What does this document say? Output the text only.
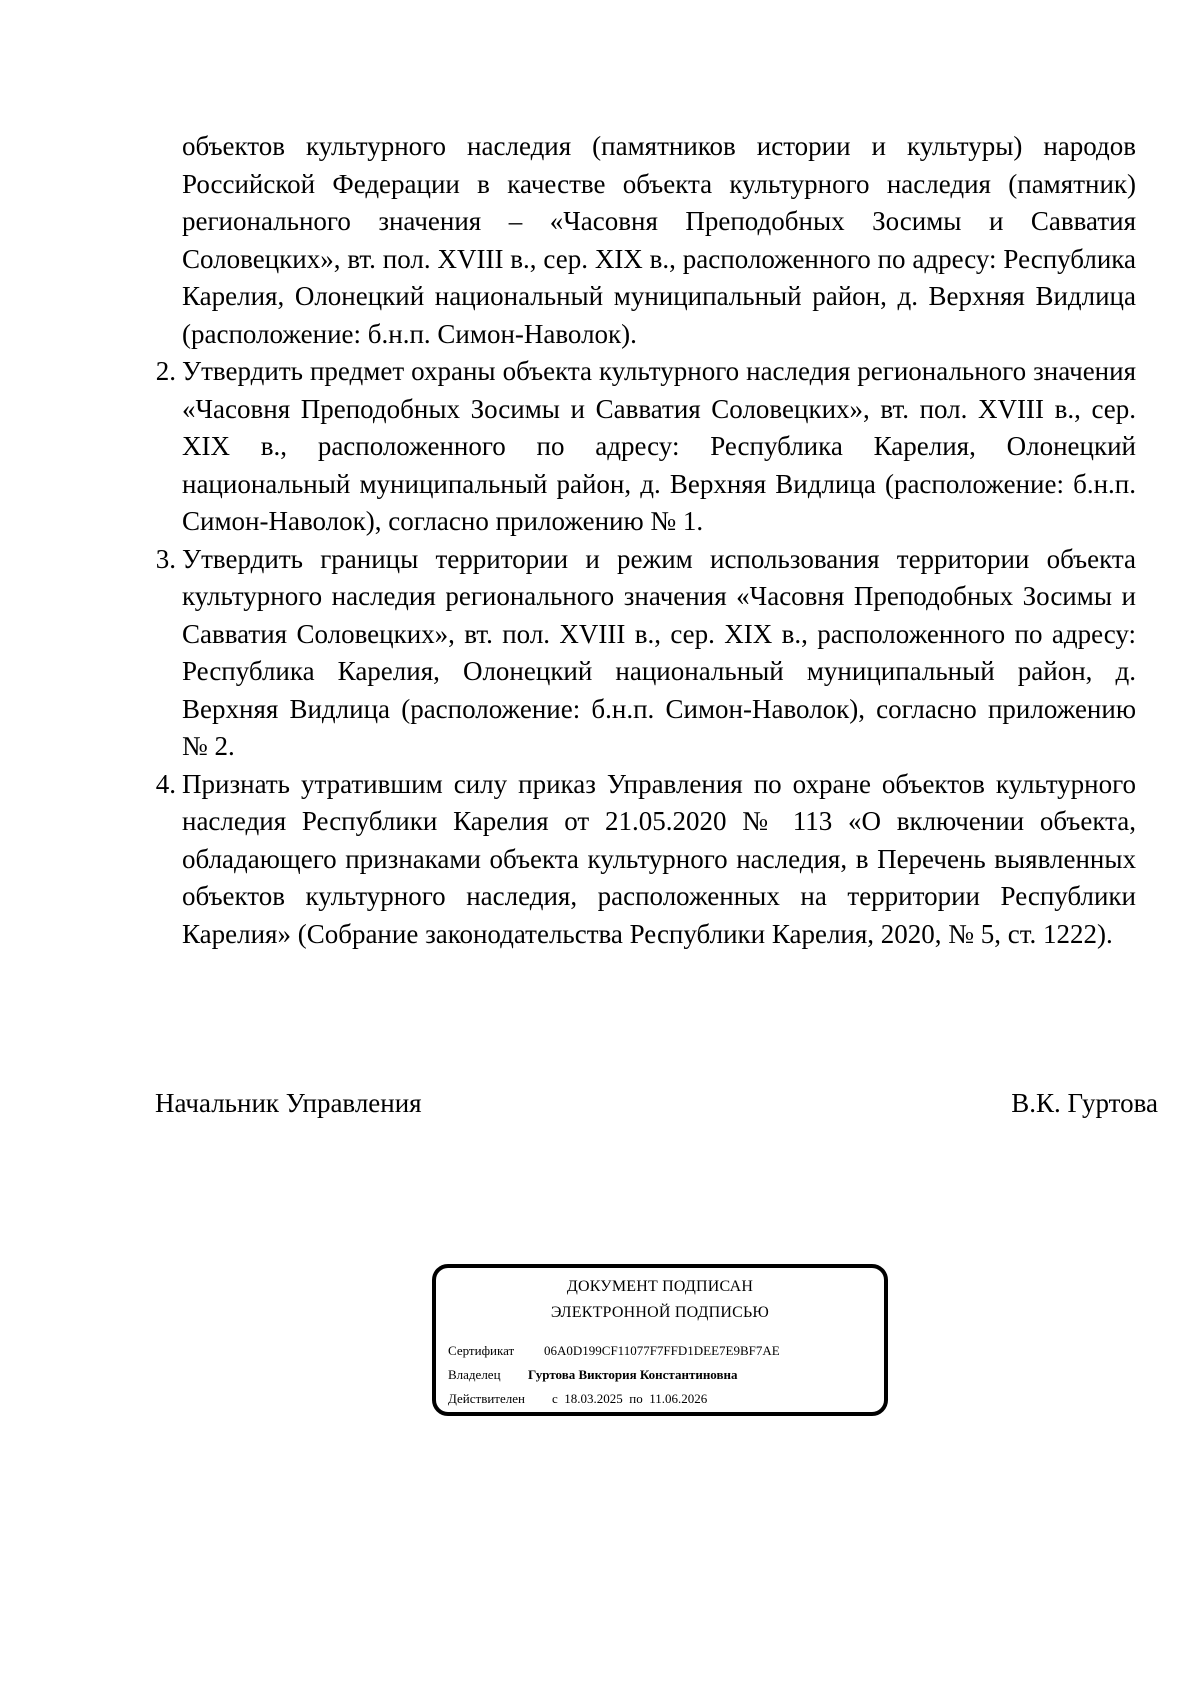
объектов культурного наследия (памятников истории и культуры) народов Российской Федерации в качестве объекта культурного наследия (памятник) регионального значения – «Часовня Преподобных Зосимы и Савватия Соловецких», вт. пол. XVIII в., сер. XIX в., расположенного по адресу: Республика Карелия, Олонецкий национальный муниципальный район, д. Верхняя Видлица (расположение: б.н.п. Симон-Наволок).

2. Утвердить предмет охраны объекта культурного наследия регионального значения «Часовня Преподобных Зосимы и Савватия Соловецких», вт. пол. XVIII в., сер. XIX в., расположенного по адресу: Республика Карелия, Олонецкий национальный муниципальный район, д. Верхняя Видлица (расположение: б.н.п. Симон-Наволок), согласно приложению № 1.
3. Утвердить границы территории и режим использования территории объекта культурного наследия регионального значения «Часовня Преподобных Зосимы и Савватия Соловецких», вт. пол. XVIII в., сер. XIX в., расположенного по адресу: Республика Карелия, Олонецкий национальный муниципальный район, д. Верхняя Видлица (расположение: б.н.п. Симон-Наволок), согласно приложению № 2.
4. Признать утратившим силу приказ Управления по охране объектов культурного наследия Республики Карелия от 21.05.2020 № 113 «О включении объекта, обладающего признаками объекта культурного наследия, в Перечень выявленных объектов культурного наследия, расположенных на территории Республики Карелия» (Собрание законодательства Республики Карелия, 2020, № 5, ст. 1222).
Начальник Управления	В.К. Гуртова
ДОКУМЕНТ ПОДПИСАН
ЭЛЕКТРОННОЙ ПОДПИСЬЮ
Сертификат 06A0D199CF11077F7FFD1DEE7E9BF7AE
Владелец Гуртова Виктория Константиновна
Действителен с 18.03.2025 по 11.06.2026
